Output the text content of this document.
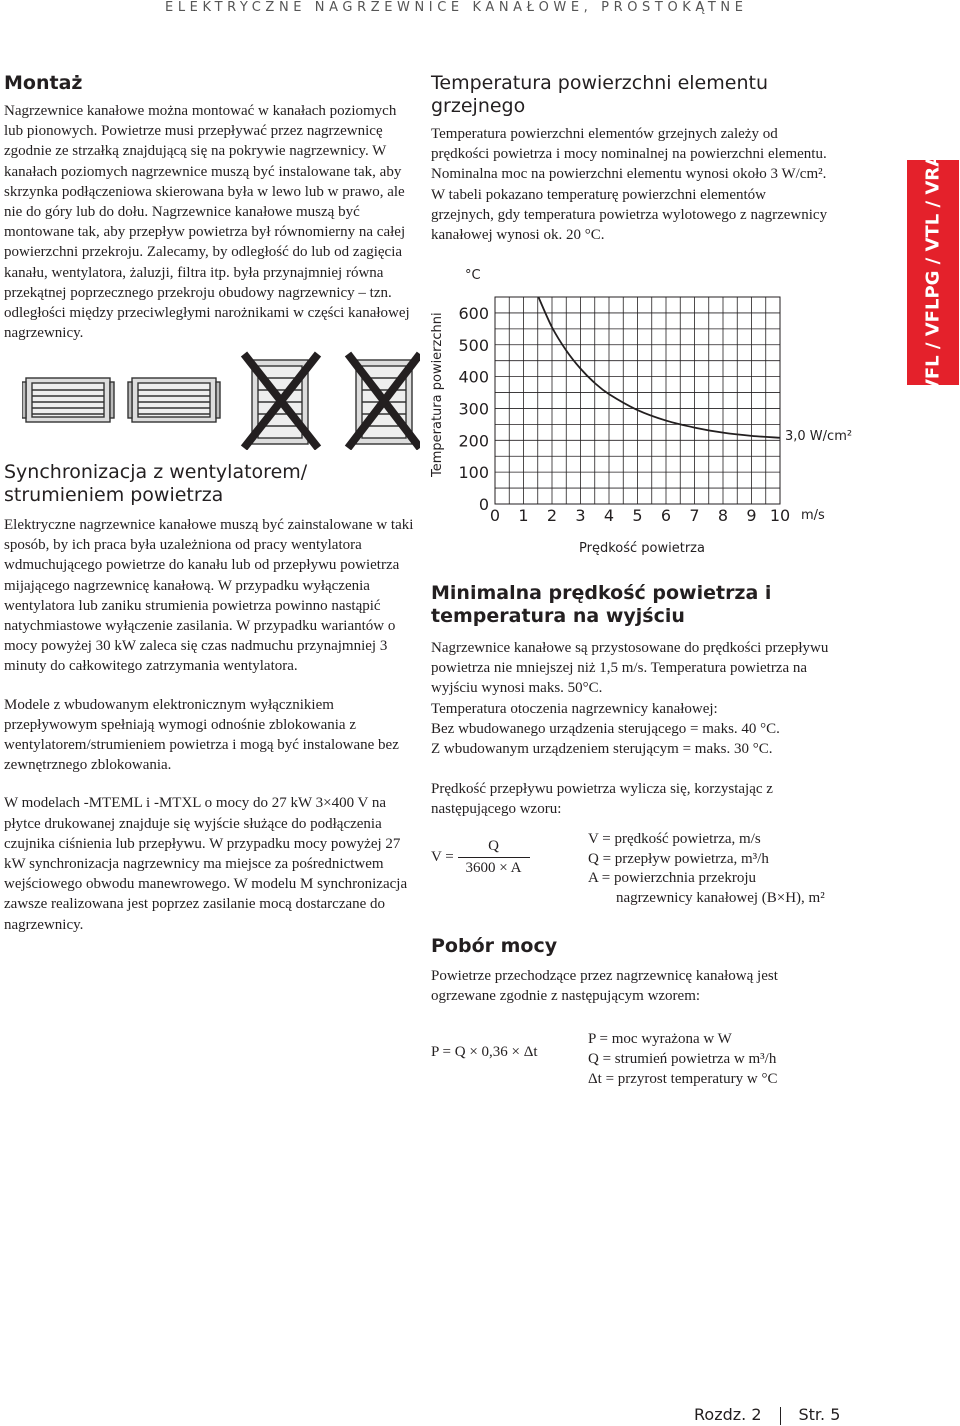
ELEKTRYCZNE NAGRZEWNICE KANAŁOWE, PROSTOKĄTNE
VFL / VFLPG / VTL / VRA
Montaż

Nagrzewnice kanałowe można montować w kanałach poziomych lub pionowych. Powietrze musi przepływać przez nagrzewnicę zgodnie ze strzałką znajdującą się na pokrywie nagrzewnicy. W kanałach poziomych nagrzewnice muszą być instalowane tak, aby skrzynka podłączeniowa skierowana była w lewo lub w prawo, ale nie do góry lub do dołu. Nagrzewnice kanałowe muszą być montowane tak, aby przepływ powietrza był równomierny na całej powierzchni przekroju. Zalecamy, by odległość do lub od zagięcia kanału, wentylatora, żaluzji, filtra itp. była przynajmniej równa przekątnej poprzecznego przekroju obudowy nagrzewnicy – tzn. odległości między przeciwległymi narożnikami w części kanałowej nagrzewnicy.

Synchronizacja z wentylatorem/
strumieniem powietrza

Elektryczne nagrzewnice kanałowe muszą być zainstalowane w taki sposób, by ich praca była uzależniona od pracy wentylatora wdmuchującego powietrze do kanału lub od przepływu powietrza mijającego nagrzewnicę kanałową. W przypadku wyłączenia wentylatora lub zaniku strumienia powietrza powinno nastąpić natychmiastowe wyłączenie zasilania. W przypadku wariantów o mocy powyżej 30 kW zaleca się czas nadmuchu przynajmniej 3 minuty do całkowitego zatrzymania wentylatora.

Modele z wbudowanym elektronicznym wyłącznikiem przepływowym spełniają wymogi odnośnie zblokowania z wentylatorem/strumieniem powietrza i mogą być instalowane bez zewnętrznego zblokowania.

W modelach -MTEML i -MTXL o mocy do 27 kW 3×400 V na płytce drukowanej znajduje się wyjście służące do podłączenia czujnika ciśnienia lub przepływu. W przypadku mocy powyżej 27 kW synchronizacja nagrzewnicy ma miejsce za pośrednictwem wejściowego obwodu manewrowego. W modelu M synchronizacja zawsze realizowana jest poprzez zasilanie mocą dostarczane do nagrzewnicy.

Temperatura powierzchni elementu
grzejnego

Temperatura powierzchni elementów grzejnych zależy od prędkości powietrza i mocy nominalnej na powierzchni elementu. Nominalna moc na powierzchni elementu wynosi około 3 W/cm². W tabeli pokazano temperaturę powierzchni elementów grzejnych, gdy temperatura powietrza wylotowego z nagrzewnicy kanałowej wynosi ok. 20 °C.

0
100
200
300
400
500
600
0 1 2 3 4 5 6 7 8 9 10
°C
Temperatura powierzchni
m/s
Prędkość powietrza
3,0 W/cm²
Minimalna prędkość powietrza i
temperatura na wyjściu

Nagrzewnice kanałowe są przystosowane do prędkości przepływu powietrza nie mniejszej niż 1,5 m/s. Temperatura powietrza na wyjściu wynosi maks. 50°C.

Temperatura otoczenia nagrzewnicy kanałowej:

Bez wbudowanego urządzenia sterującego = maks. 40 °C.

Z wbudowanym urządzeniem sterującym = maks. 30 °C.

Prędkość przepływu powietrza wylicza się, korzystając z następującego wzoru:

$V = \frac{Q}{3600 \times A}$	V = prędkość powietrza, m/s
Q = przepływ powietrza, m³/h
A = powierzchnia przekroju
nagrzewnicy kanałowej (B×H), m²
Pobór mocy

Powietrze przechodzące przez nagrzewnicę kanałową jest ogrzewane zgodnie z następującym wzorem:

P = Q × 0,36 × Δt
P = moc wyrażona w W
Q = strumień powietrza w m³/h
Δt = przyrost temperatury w °C
Rozdz. 2 Str. 5
